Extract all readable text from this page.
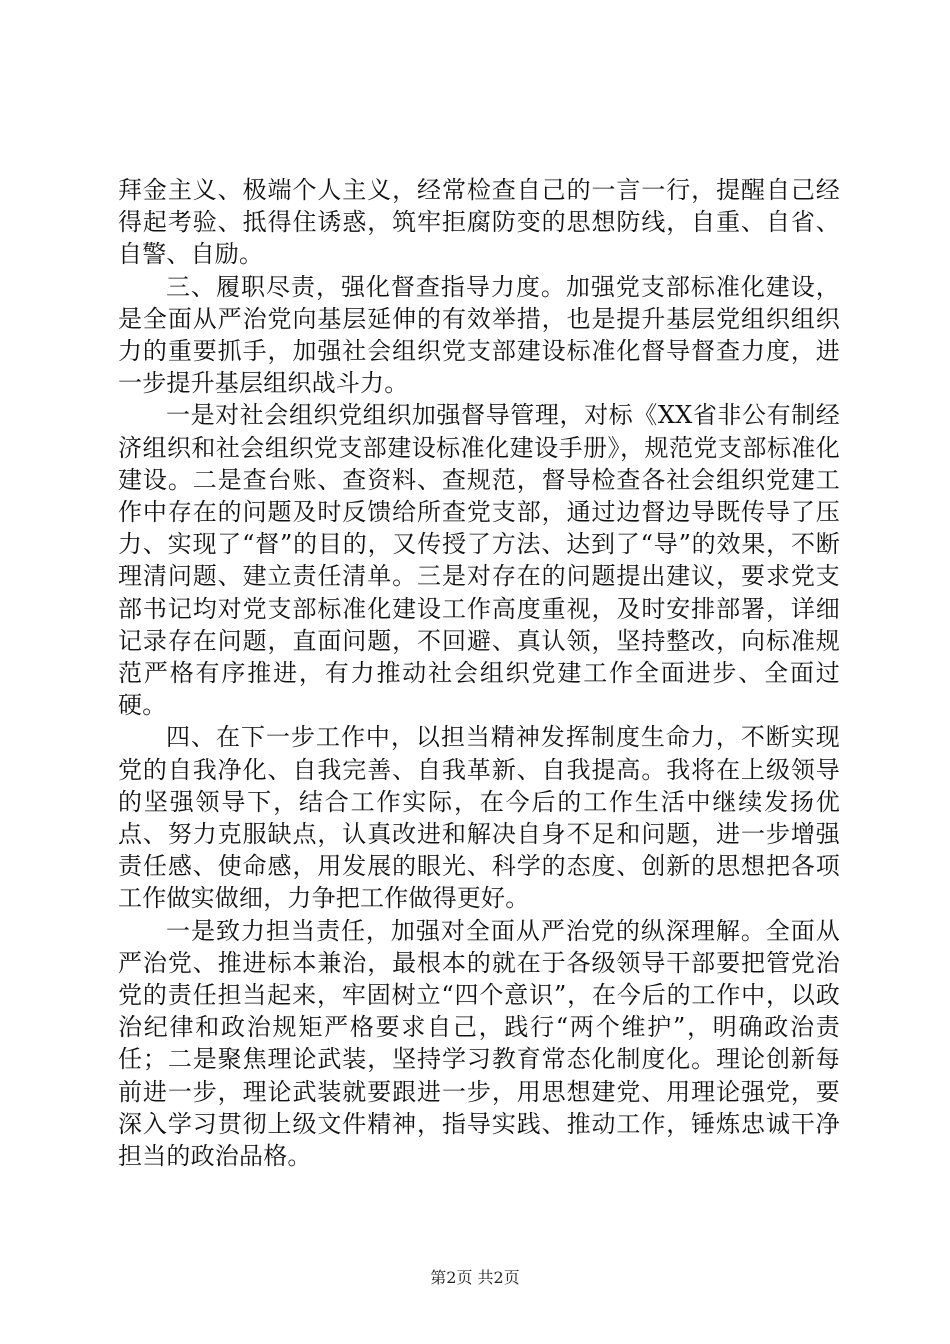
拜金主义、极端个人主义，经常检查自己的一言一行，提醒自己经得起考验、抵得住诱惑，筑牢拒腐防变的思想防线，自重、自省、自警、自励。

三、履职尽责，强化督查指导力度。加强党支部标准化建设，是全面从严治党向基层延伸的有效举措，也是提升基层党组织组织力的重要抓手，加强社会组织党支部建设标准化督导督查力度，进一步提升基层组织战斗力。

一是对社会组织党组织加强督导管理，对标《XX省非公有制经济组织和社会组织党支部建设标准化建设手册》，规范党支部标准化建设。二是查台账、查资料、查规范，督导检查各社会组织党建工作中存在的问题及时反馈给所查党支部，通过边督边导既传导了压力、实现了“督”的目的，又传授了方法、达到了“导”的效果，不断理清问题、建立责任清单。三是对存在的问题提出建议，要求党支部书记均对党支部标准化建设工作高度重视，及时安排部署，详细记录存在问题，直面问题，不回避、真认领，坚持整改，向标准规范严格有序推进，有力推动社会组织党建工作全面进步、全面过硬。

四、在下一步工作中，以担当精神发挥制度生命力，不断实现党的自我净化、自我完善、自我革新、自我提高。我将在上级领导的坚强领导下，结合工作实际，在今后的工作生活中继续发扬优点、努力克服缺点，认真改进和解决自身不足和问题，进一步增强责任感、使命感，用发展的眼光、科学的态度、创新的思想把各项工作做实做细，力争把工作做得更好。

一是致力担当责任，加强对全面从严治党的纵深理解。全面从严治党、推进标本兼治，最根本的就在于各级领导干部要把管党治党的责任担当起来，牢固树立“四个意识”，在今后的工作中，以政治纪律和政治规矩严格要求自己，践行“两个维护”，明确政治责任；二是聚焦理论武装，坚持学习教育常态化制度化。理论创新每前进一步，理论武装就要跟进一步，用思想建党、用理论强党，要深入学习贯彻上级文件精神，指导实践、推动工作，锤炼忠诚干净担当的政治品格。

第2页 共2页
